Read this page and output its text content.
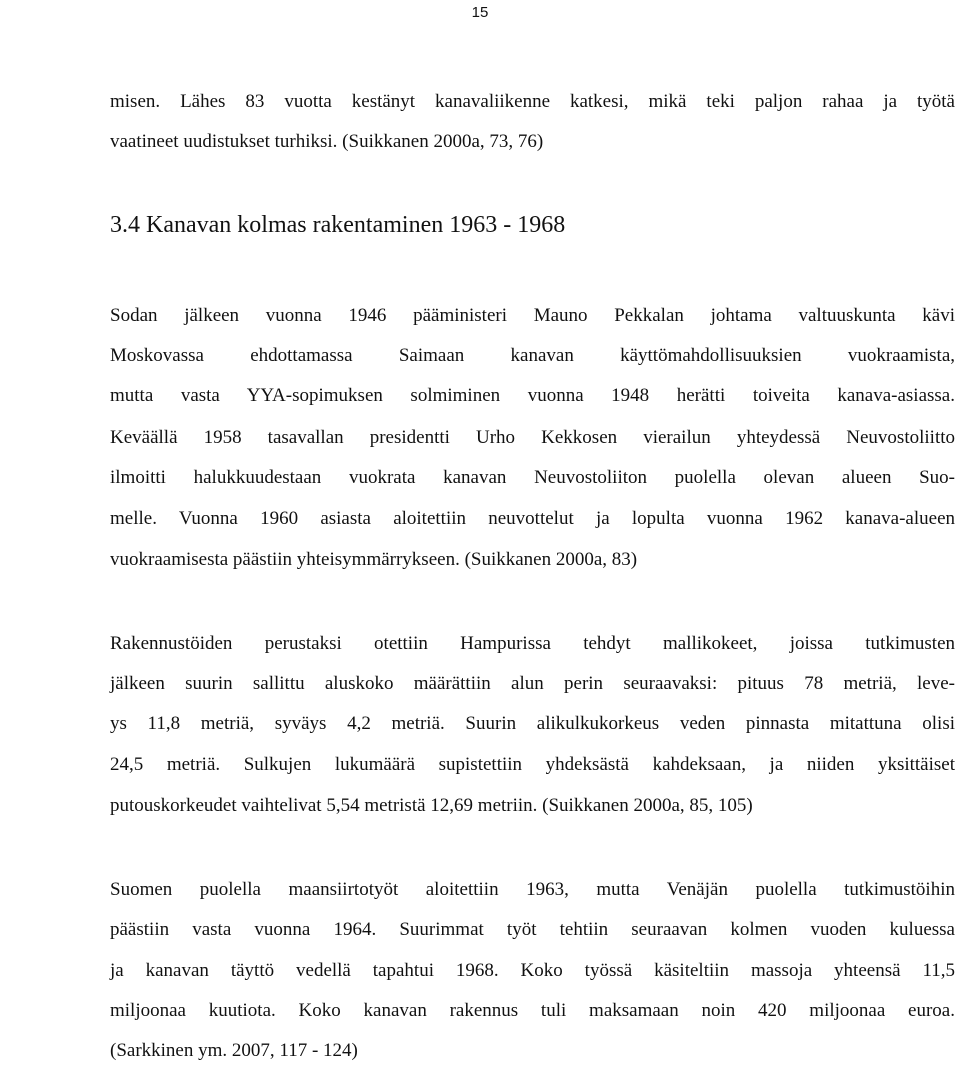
15
misen. Lähes 83 vuotta kestänyt kanavaliikenne katkesi, mikä teki paljon rahaa ja työtä
vaatineet uudistukset turhiksi. (Suikkanen 2000a, 73, 76)
3.4 Kanavan kolmas rakentaminen 1963 - 1968
Sodan jälkeen vuonna 1946 pääministeri Mauno Pekkalan johtama valtuuskunta kävi
Moskovassa ehdottamassa Saimaan kanavan käyttömahdollisuuksien vuokraamista,
mutta vasta YYA-sopimuksen solmiminen vuonna 1948 herätti toiveita kanava-asiassa.
Keväällä 1958 tasavallan presidentti Urho Kekkosen vierailun yhteydessä Neuvostoliitto
ilmoitti halukkuudestaan vuokrata kanavan Neuvostoliiton puolella olevan alueen Suo-
melle. Vuonna 1960 asiasta aloitettiin neuvottelut ja lopulta vuonna 1962 kanava-alueen
vuokraamisesta päästiin yhteisymmärrykseen. (Suikkanen 2000a, 83)
Rakennustöiden perustaksi otettiin Hampurissa tehdyt mallikokeet, joissa tutkimusten
jälkeen suurin sallittu aluskoko määrättiin alun perin seuraavaksi: pituus 78 metriä, leve-
ys 11,8 metriä, syväys 4,2 metriä. Suurin alikulkukorkeus veden pinnasta mitattuna olisi
24,5 metriä. Sulkujen lukumäärä supistettiin yhdeksästä kahdeksaan, ja niiden yksittäiset
putouskorkeudet vaihtelivat 5,54 metristä 12,69 metriin. (Suikkanen 2000a, 85, 105)
Suomen puolella maansiirtotyöt aloitettiin 1963, mutta Venäjän puolella tutkimustöihin
päästiin vasta vuonna 1964. Suurimmat työt tehtiin seuraavan kolmen vuoden kuluessa
ja kanavan täyttö vedellä tapahtui 1968. Koko työssä käsiteltiin massoja yhteensä 11,5
miljoonaa kuutiota. Koko kanavan rakennus tuli maksamaan noin 420 miljoonaa euroa.
(Sarkkinen ym. 2007, 117 - 124)
